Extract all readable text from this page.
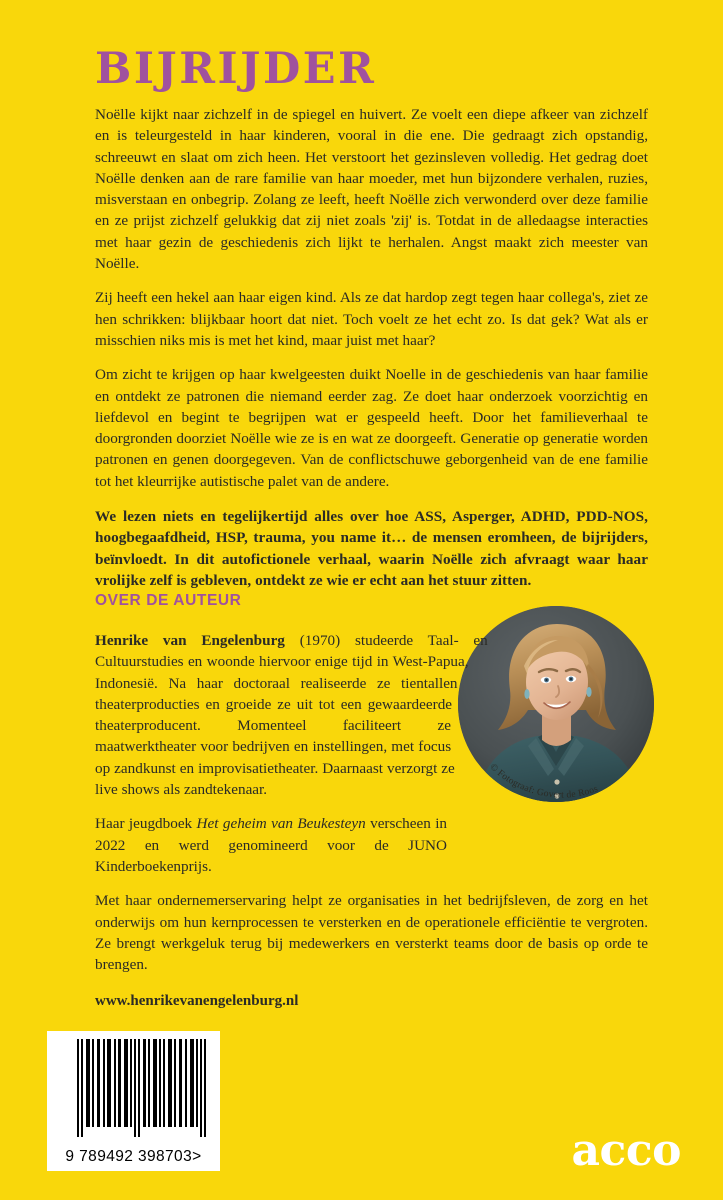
BIJRIJDER

Noëlle kijkt naar zichzelf in de spiegel en huivert. Ze voelt een diepe afkeer van zichzelf en is teleurgesteld in haar kinderen, vooral in die ene. Die gedraagt zich opstandig, schreeuwt en slaat om zich heen. Het verstoort het gezinsleven volledig. Het gedrag doet Noëlle denken aan de rare familie van haar moeder, met hun bijzondere verhalen, ruzies, misverstaan en onbegrip. Zolang ze leeft, heeft Noëlle zich verwonderd over deze familie en ze prijst zichzelf gelukkig dat zij niet zoals 'zij' is. Totdat in de alledaagse interacties met haar gezin de geschiedenis zich lijkt te herhalen. Angst maakt zich meester van Noëlle.

Zij heeft een hekel aan haar eigen kind. Als ze dat hardop zegt tegen haar collega's, ziet ze hen schrikken: blijkbaar hoort dat niet. Toch voelt ze het echt zo. Is dat gek? Wat als er misschien niks mis is met het kind, maar juist met haar?

Om zicht te krijgen op haar kwelgeesten duikt Noelle in de geschiedenis van haar familie en ontdekt ze patronen die niemand eerder zag. Ze doet haar onderzoek voorzichtig en liefdevol en begint te begrijpen wat er gespeeld heeft. Door het familieverhaal te doorgronden doorziet Noëlle wie ze is en wat ze doorgeeft. Generatie op generatie worden patronen en genen doorgegeven. Van de conflictschuwe geborgenheid van de ene familie tot het kleurrijke autistische palet van de andere.

We lezen niets en tegelijkertijd alles over hoe ASS, Asperger, ADHD, PDD-NOS, hoogbegaafdheid, HSP, trauma, you name it… de mensen eromheen, de bijrijders, beïnvloedt. In dit autofictionele verhaal, waarin Noëlle zich afvraagt waar haar vrolijke zelf is gebleven, ontdekt ze wie er echt aan het stuur zitten.

OVER DE AUTEUR
© Fotograaf: Govert de Roos

Henrike van Engelenburg (1970) studeerde Taal- en Cultuurstudies en woonde hiervoor enige tijd in West-Papua, Indonesië. Na haar doctoraal realiseerde ze tientallen theaterproducties en groeide ze uit tot een gewaardeerde theaterproducent. Momenteel faciliteert ze maatwerktheater voor bedrijven en instellingen, met focus op zandkunst en improvisatietheater. Daarnaast verzorgt ze live shows als zandtekenaar.

Haar jeugdboek Het geheim van Beukesteyn verscheen in 2022 en werd genomineerd voor de JUNO Kinderboekenprijs.

Met haar ondernemerservaring helpt ze organisaties in het bedrijfsleven, de zorg en het onderwijs om hun kernprocessen te versterken en de operationele efficiëntie te vergroten. Ze brengt werkgeluk terug bij medewerkers en versterkt teams door de basis op orde te brengen.

www.henrikevanengelenburg.nl

9 789492 398703>	acco
